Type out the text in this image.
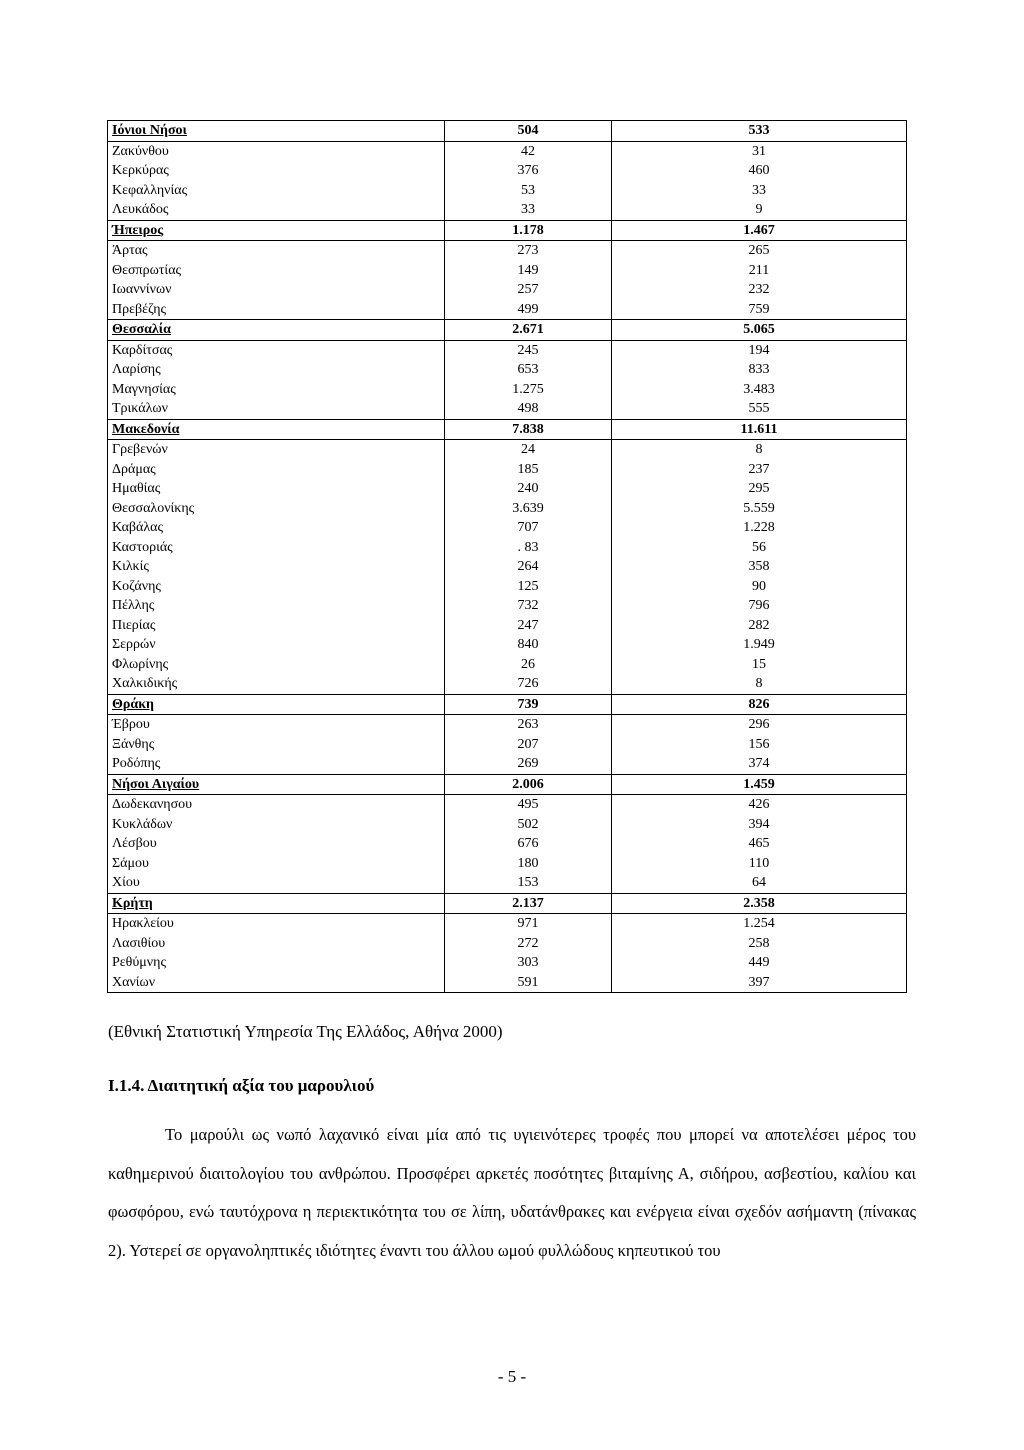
Ιόνιοι Νήσοι	504	533
Ζακύνθου	42	31
Κερκύρας	376	460
Κεφαλληνίας	53	33
Λευκάδος	33	9
Ήπειρος	1.178	1.467
Άρτας	273	265
Θεσπρωτίας	149	211
Ιωαννίνων	257	232
Πρεβέζης	499	759
Θεσσαλία	2.671	5.065
Καρδίτσας	245	194
Λαρίσης	653	833
Μαγνησίας	1.275	3.483
Τρικάλων	498	555
Μακεδονία	7.838	11.611
Γρεβενών	24	8
Δράμας	185	237
Ημαθίας	240	295
Θεσσαλονίκης	3.639	5.559
Καβάλας	707	1.228
Καστοριάς	. 83	56
Κιλκίς	264	358
Κοζάνης	125	90
Πέλλης	732	796
Πιερίας	247	282
Σερρών	840	1.949
Φλωρίνης	26	15
Χαλκιδικής	726	8
Θράκη	739	826
Έβρου	263	296
Ξάνθης	207	156
Ροδόπης	269	374
Νήσοι Αιγαίου	2.006	1.459
Δωδεκανησου	495	426
Κυκλάδων	502	394
Λέσβου	676	465
Σάμου	180	110
Χίου	153	64
Κρήτη	2.137	2.358
Ηρακλείου	971	1.254
Λασιθίου	272	258
Ρεθύμνης	303	449
Χανίων	591	397
(Εθνική Στατιστική Υπηρεσία Της Ελλάδος, Αθήνα 2000)
Ι.1.4. Διαιτητική αξία του μαρουλιού

Το μαρούλι ως νωπό λαχανικό είναι μία από τις υγιεινότερες τροφές που μπορεί να αποτελέσει μέρος του καθημερινού διαιτολογίου του ανθρώπου. Προσφέρει αρκετές ποσότητες βιταμίνης Α, σιδήρου, ασβεστίου, καλίου και φωσφόρου, ενώ ταυτόχρονα η περιεκτικότητα του σε λίπη, υδατάνθρακες και ενέργεια είναι σχεδόν ασήμαντη (πίνακας 2). Υστερεί σε οργανοληπτικές ιδιότητες έναντι του άλλου ωμού φυλλώδους κηπευτικού του

- 5 -
